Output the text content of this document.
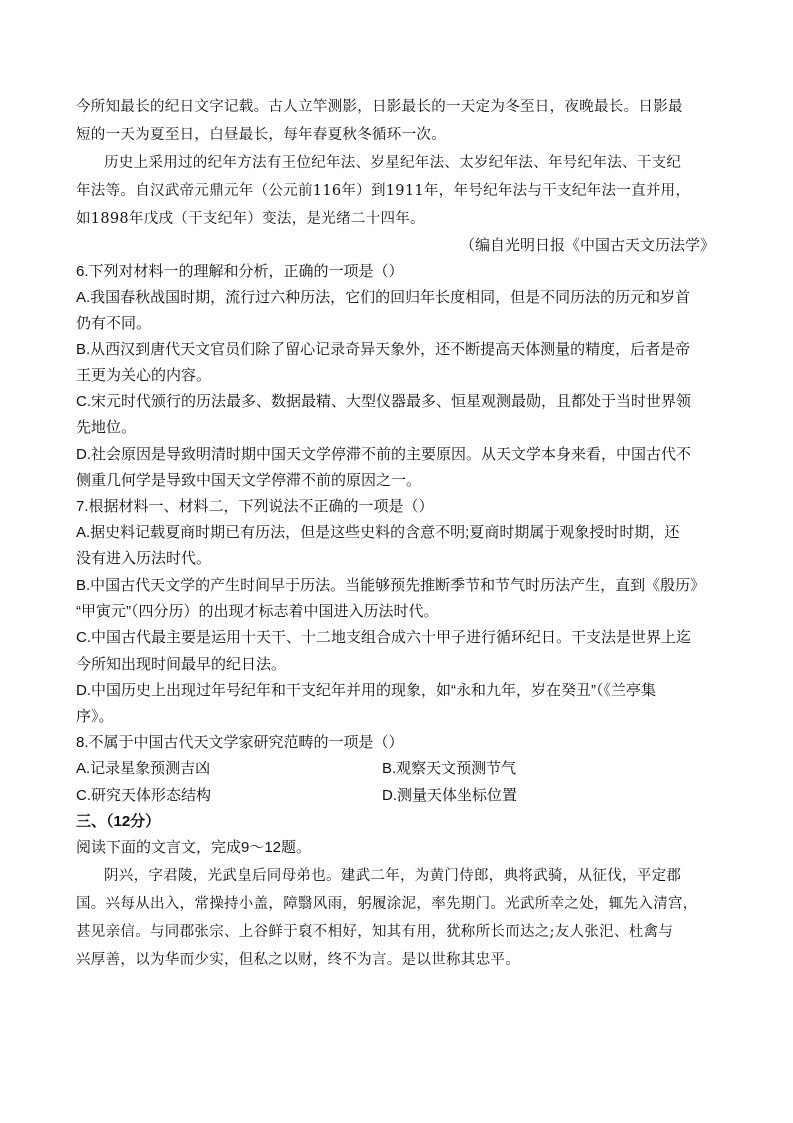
今所知最长的纪日文字记载。古人立竿测影，日影最长的一天定为冬至日，夜晚最长。日影最
短的一天为夏至日，白昼最长，每年春夏秋冬循环一次。
历史上采用过的纪年方法有王位纪年法、岁星纪年法、太岁纪年法、年号纪年法、干支纪
年法等。自汉武帝元鼎元年（公元前116年）到1911年，年号纪年法与干支纪年法一直并用，
如1898年戊戌（干支纪年）变法，是光绪二十四年。
（编自光明日报《中国古天文历法学》
6.下列对材料一的理解和分析，正确的一项是（）
A.我国春秋战国时期，流行过六种历法，它们的回归年长度相同，但是不同历法的历元和岁首
仍有不同。
B.从西汉到唐代天文官员们除了留心记录奇异天象外，还不断提高天体测量的精度，后者是帝
王更为关心的内容。
C.宋元时代颁行的历法最多、数据最精、大型仪器最多、恒星观测最勋，且都处于当时世界领
先地位。
D.社会原因是导致明清时期中国天文学停滞不前的主要原因。从天文学本身来看，中国古代不
侧重几何学是导致中国天文学停滞不前的原因之一。
7.根据材料一、材料二，下列说法不正确的一项是（）
A.据史料记载夏商时期已有历法，但是这些史料的含意不明;夏商时期属于观象授时时期，还
没有进入历法时代。
B.中国古代天文学的产生时间早于历法。当能够预先推断季节和节气时历法产生，直到《殷历》
“甲寅元”（四分历）的出现才标志着中国进入历法时代。
C.中国古代最主要是运用十天干、十二地支组合成六十甲子进行循环纪日。干支法是世界上迄
今所知出现时间最早的纪日法。
D.中国历史上出现过年号纪年和干支纪年并用的现象，如“永和九年，岁在癸丑”（《兰亭集
序》。
8.不属于中国古代天文学家研究范畴的一项是（）
A.记录星象预测吉凶	B.观察天文预测节气
C.研究天体形态结构	D.测量天体坐标位置
三、（12分）
阅读下面的文言文，完成9～12题。
阴兴，字君陵，光武皇后同母弟也。建武二年，为黄门侍郎，典将武骑，从征伐，平定郡
国。兴每从出入，常操持小盖，障翳风雨，躬履涂泥，率先期门。光武所幸之处，辄先入清宫，
甚见亲信。与同郡张宗、上谷鲜于裒不相好，知其有用，犹称所长而达之;友人张汜、杜禽与
兴厚善，以为华而少实，但私之以财，终不为言。是以世称其忠平。
